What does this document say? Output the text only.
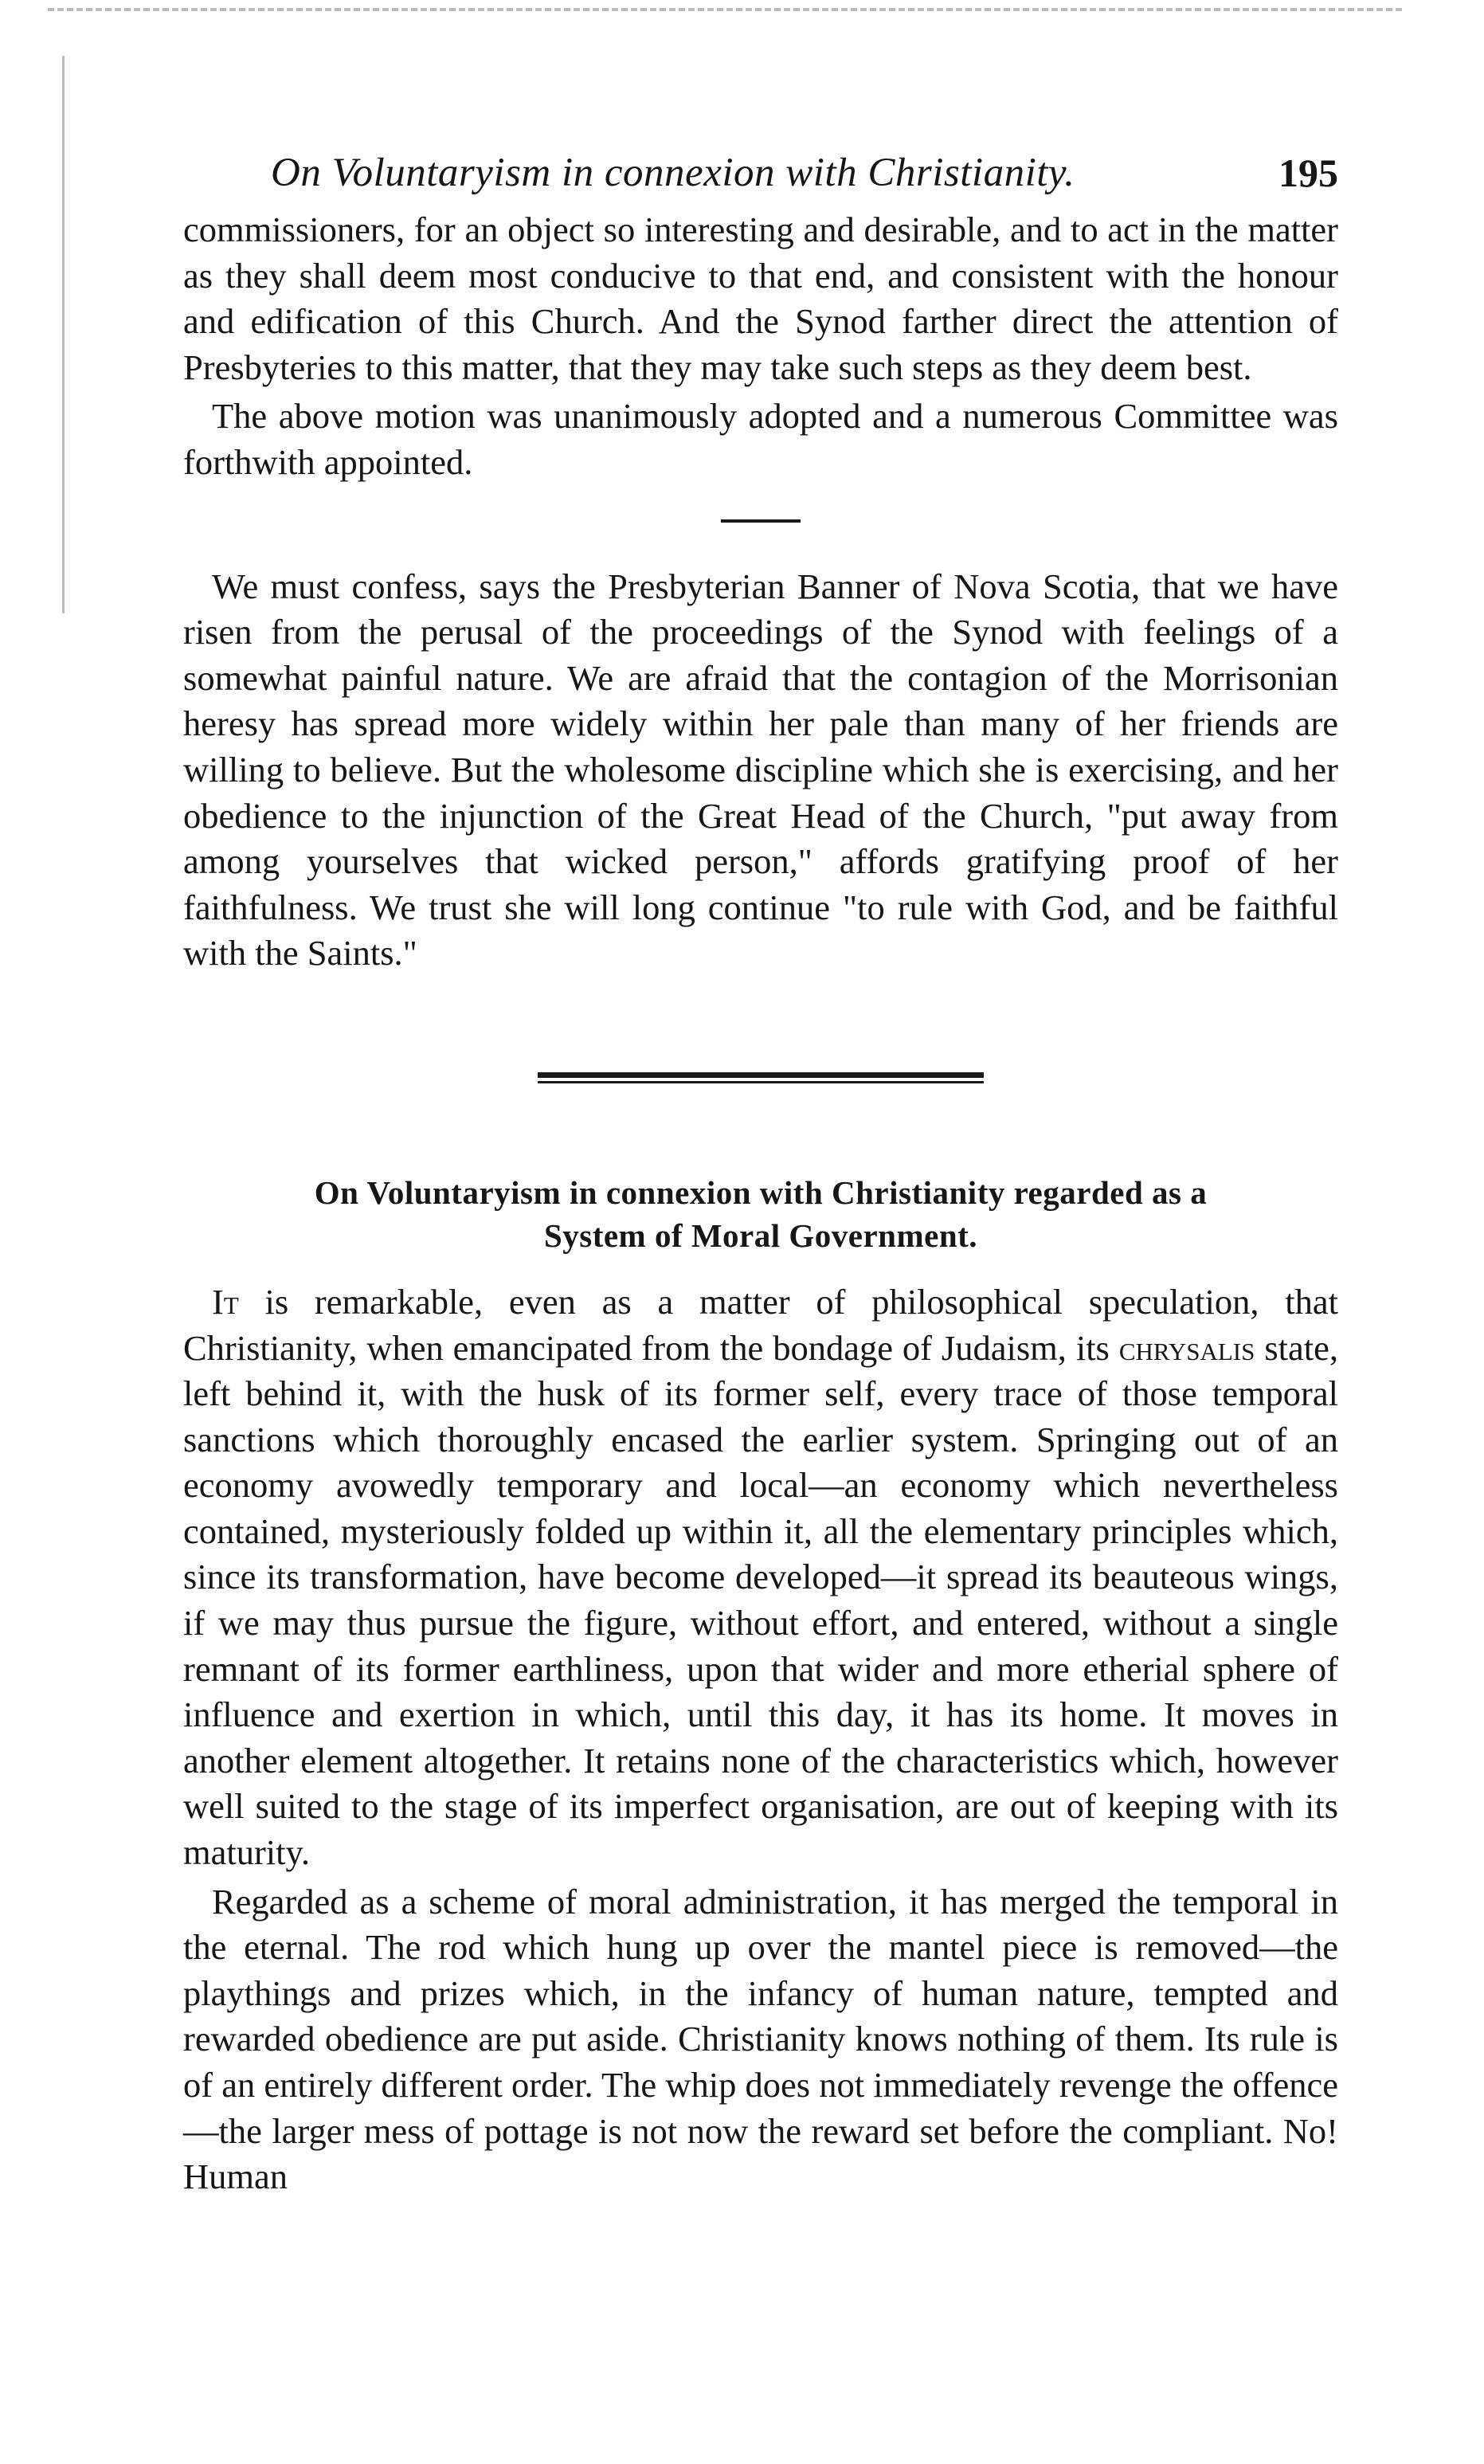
On Voluntaryism in connexion with Christianity.	195

commissioners, for an object so interesting and desirable, and to act in the matter as they shall deem most conducive to that end, and consistent with the honour and edification of this Church. And the Synod farther direct the attention of Presbyteries to this matter, that they may take such steps as they deem best.

The above motion was unanimously adopted and a numerous Committee was forthwith appointed.

We must confess, says the Presbyterian Banner of Nova Scotia, that we have risen from the perusal of the proceedings of the Synod with feelings of a somewhat painful nature. We are afraid that the contagion of the Morrisonian heresy has spread more widely within her pale than many of her friends are willing to believe. But the wholesome discipline which she is exercising, and her obedience to the injunction of the Great Head of the Church, "put away from among yourselves that wicked person," affords gratifying proof of her faithfulness. We trust she will long continue "to rule with God, and be faithful with the Saints."

On Voluntaryism in connexion with Christianity regarded as a
System of Moral Government.

It is remarkable, even as a matter of philosophical speculation, that Christianity, when emancipated from the bondage of Judaism, its chrysalis state, left behind it, with the husk of its former self, every trace of those temporal sanctions which thoroughly encased the earlier system. Springing out of an economy avowedly temporary and local—an economy which nevertheless contained, mysteriously folded up within it, all the elementary principles which, since its transformation, have become developed—it spread its beauteous wings, if we may thus pursue the figure, without effort, and entered, without a single remnant of its former earthliness, upon that wider and more etherial sphere of influence and exertion in which, until this day, it has its home. It moves in another element altogether. It retains none of the characteristics which, however well suited to the stage of its imperfect organisation, are out of keeping with its maturity.

Regarded as a scheme of moral administration, it has merged the temporal in the eternal. The rod which hung up over the mantel piece is removed—the playthings and prizes which, in the infancy of human nature, tempted and rewarded obedience are put aside. Christianity knows nothing of them. Its rule is of an entirely different order. The whip does not immediately revenge the offence—the larger mess of pottage is not now the reward set before the compliant. No! Human
